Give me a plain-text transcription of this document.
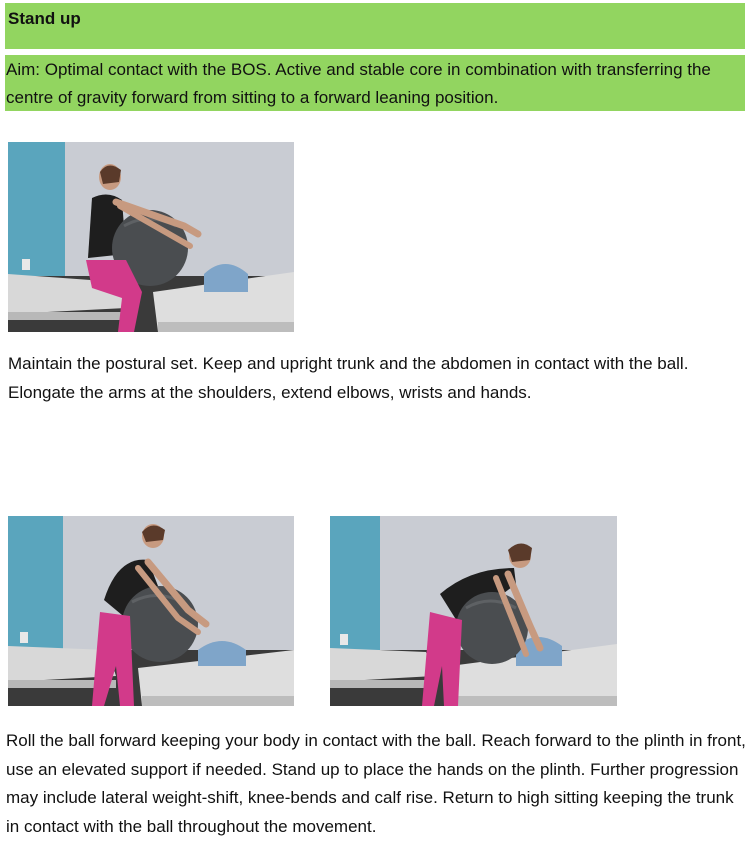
Stand up
Aim: Optimal contact with the BOS. Active and stable core in combination with transferring the centre of gravity forward from sitting to a forward leaning position.
Maintain the postural set. Keep and upright trunk and the abdomen in contact with the ball. Elongate the arms at the shoulders, extend elbows, wrists and hands.
Roll the ball forward keeping your body in contact with the ball. Reach forward to the plinth in front, use an elevated support if needed. Stand up to place the hands on the plinth. Further progression may include lateral weight-shift, knee-bends and calf rise. Return to high sitting keeping the trunk in contact with the ball throughout the movement.
